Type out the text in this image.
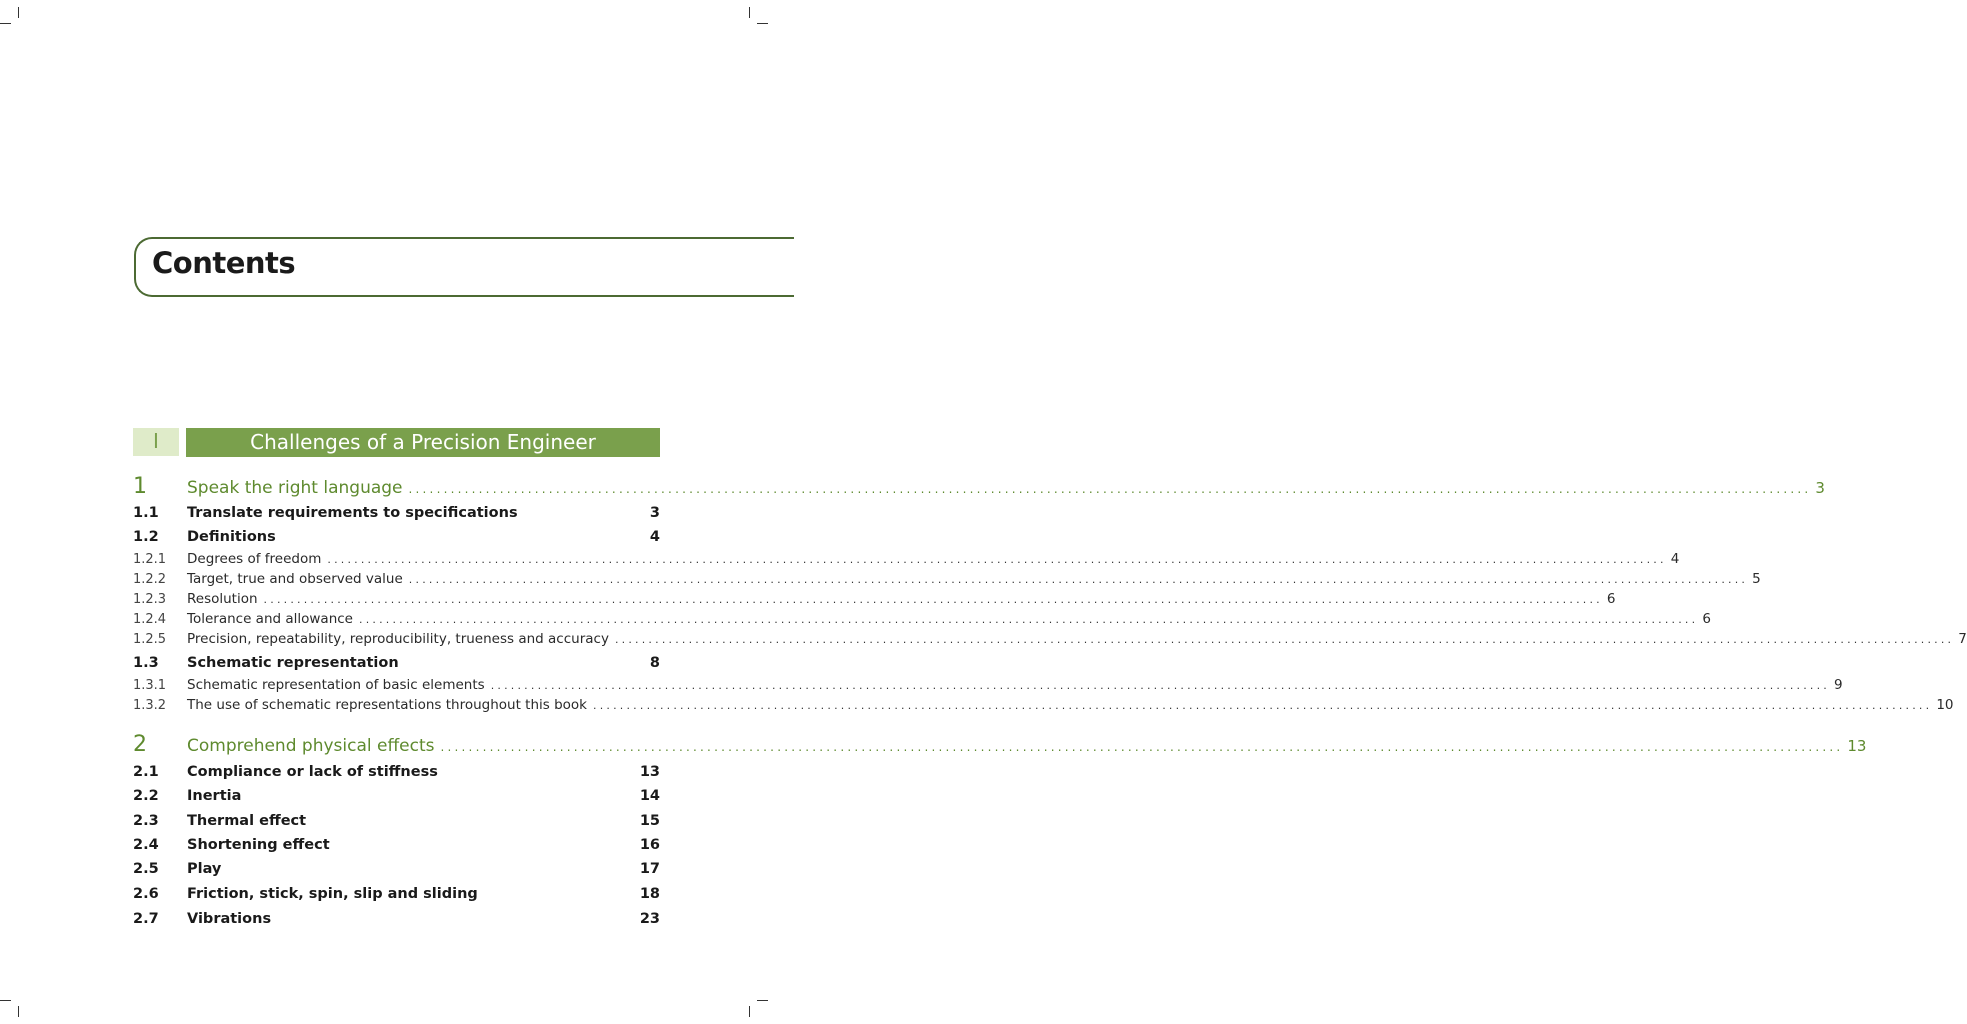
Contents
I	Challenges of a Precision Engineer
1	Speak the right language ........................................................................................................................................................................................................ 3
1.1	Translate requirements to specifications	3
1.2	Definitions	4
1.2.1	Degrees of freedom ........................................................................................................................................................................................................ 4
1.2.2	Target, true and observed value ........................................................................................................................................................................................................ 5
1.2.3	Resolution ........................................................................................................................................................................................................ 6
1.2.4	Tolerance and allowance ........................................................................................................................................................................................................ 6
1.2.5	Precision, repeatability, reproducibility, trueness and accuracy ........................................................................................................................................................................................................ 7
1.3	Schematic representation	8
1.3.1	Schematic representation of basic elements ........................................................................................................................................................................................................ 9
1.3.2	The use of schematic representations throughout this book ........................................................................................................................................................................................................ 10
2	Comprehend physical effects ........................................................................................................................................................................................................ 13
2.1	Compliance or lack of stiffness	13
2.2	Inertia	14
2.3	Thermal effect	15
2.4	Shortening effect	16
2.5	Play	17
2.6	Friction, stick, spin, slip and sliding	18
2.7	Vibrations	23
